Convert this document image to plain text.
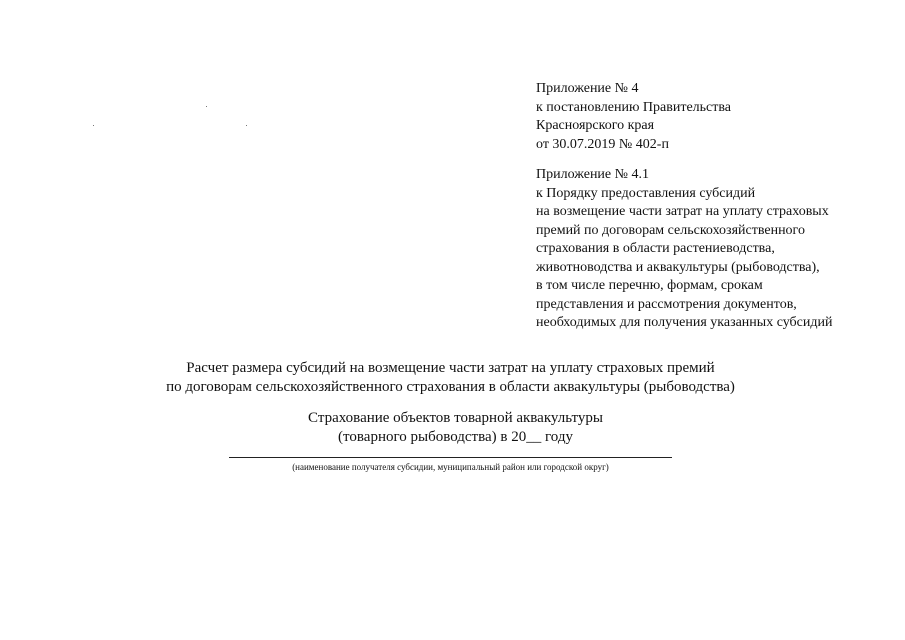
Приложение № 4
к постановлению Правительства
Красноярского края
от 30.07.2019 № 402-п
Приложение № 4.1
к Порядку предоставления субсидий
на возмещение части затрат на уплату страховых
премий по договорам сельскохозяйственного
страхования в области растениеводства,
животноводства и аквакультуры (рыбоводства),
в том числе перечню, формам, срокам
представления и рассмотрения документов,
необходимых для получения указанных субсидий
Расчет размера субсидий на возмещение части затрат на уплату страховых премий
по договорам сельскохозяйственного страхования в области аквакультуры (рыбоводства)
Страхование объектов товарной аквакультуры
(товарного рыбоводства) в 20__ году
(наименование получателя субсидии, муниципальный район или городской округ)
